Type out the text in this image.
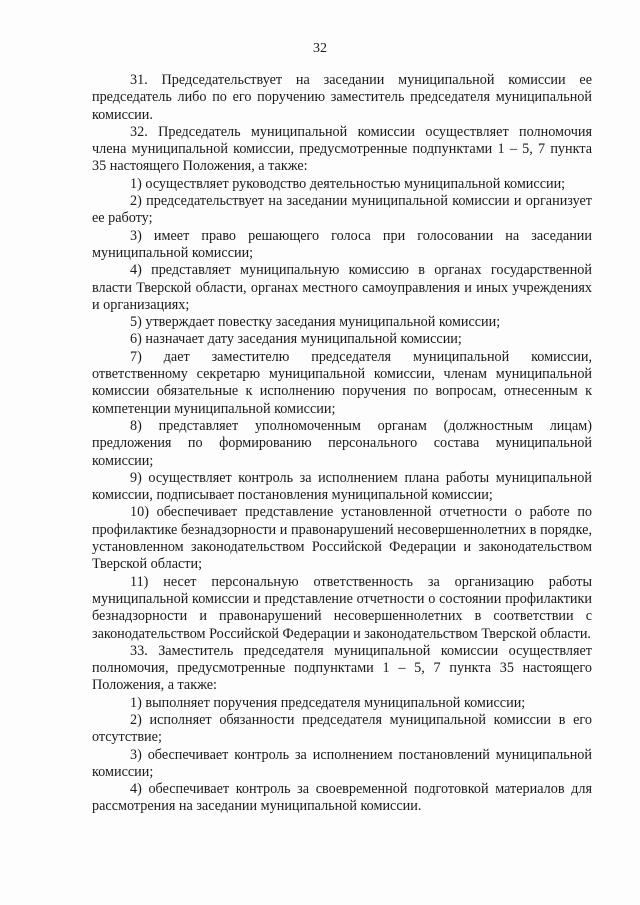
32

31. Председательствует на заседании муниципальной комиссии ее председатель либо по его поручению заместитель председателя муниципальной комиссии.

32. Председатель муниципальной комиссии осуществляет полномочия члена муниципальной комиссии, предусмотренные подпунктами 1 – 5, 7 пункта 35 настоящего Положения, а также:

1) осуществляет руководство деятельностью муниципальной комиссии;

2) председательствует на заседании муниципальной комиссии и организует ее работу;

3) имеет право решающего голоса при голосовании на заседании муниципальной комиссии;

4) представляет муниципальную комиссию в органах государственной власти Тверской области, органах местного самоуправления и иных учреждениях и организациях;

5) утверждает повестку заседания муниципальной комиссии;

6) назначает дату заседания муниципальной комиссии;

7) дает заместителю председателя муниципальной комиссии, ответственному секретарю муниципальной комиссии, членам муниципальной комиссии обязательные к исполнению поручения по вопросам, отнесенным к компетенции муниципальной комиссии;

8) представляет уполномоченным органам (должностным лицам) предложения по формированию персонального состава муниципальной комиссии;

9) осуществляет контроль за исполнением плана работы муниципальной комиссии, подписывает постановления муниципальной комиссии;

10) обеспечивает представление установленной отчетности о работе по профилактике безнадзорности и правонарушений несовершеннолетних в порядке, установленном законодательством Российской Федерации и законодательством Тверской области;

11) несет персональную ответственность за организацию работы муниципальной комиссии и представление отчетности о состоянии профилактики безнадзорности и правонарушений несовершеннолетних в соответствии с законодательством Российской Федерации и законодательством Тверской области.

33. Заместитель председателя муниципальной комиссии осуществляет полномочия, предусмотренные подпунктами 1 – 5, 7 пункта 35 настоящего Положения, а также:

1) выполняет поручения председателя муниципальной комиссии;

2) исполняет обязанности председателя муниципальной комиссии в его отсутствие;

3) обеспечивает контроль за исполнением постановлений муниципальной комиссии;

4) обеспечивает контроль за своевременной подготовкой материалов для рассмотрения на заседании муниципальной комиссии.
